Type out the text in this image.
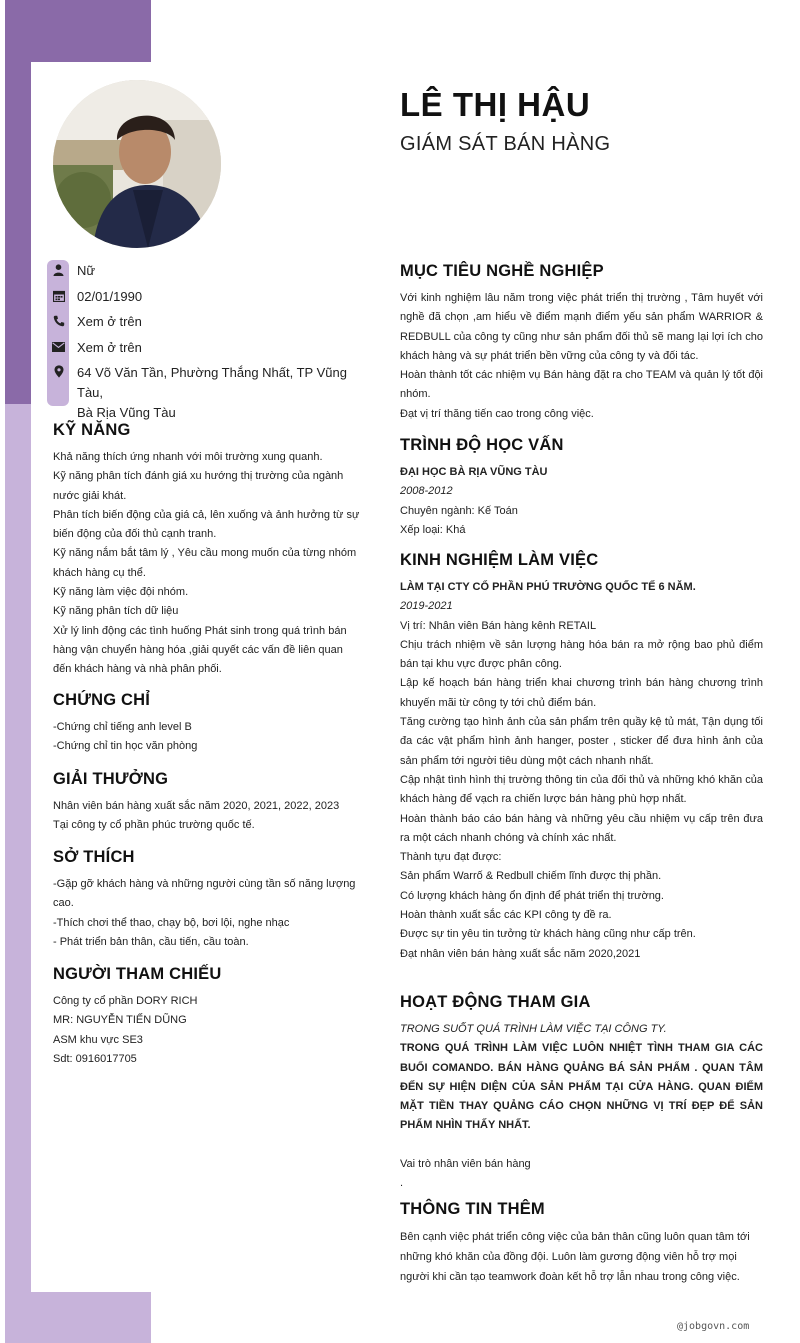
LÊ THỊ HẬU
GIÁM SÁT BÁN HÀNG
Nữ
02/01/1990
Xem ở trên
Xem ở trên
64 Võ Văn Tần, Phường Thắng Nhất, TP Vũng Tàu,
Bà Rịa Vũng Tàu
KỸ NĂNG

Khả năng thích ứng nhanh với môi trường xung quanh.

Kỹ năng phân tích đánh giá xu hướng thị trường của ngành nước giải khát.

Phân tích biến động của giá cả, lên xuống và ảnh hưởng từ sự biến động của đối thủ cạnh tranh.

Kỹ năng nắm bắt tâm lý , Yêu cầu mong muốn của từng nhóm khách hàng cụ thể.

Kỹ năng làm việc đội nhóm.

Kỹ năng phân tích dữ liệu

Xử lý linh động các tình huống Phát sinh trong quá trình bán hàng vận chuyển hàng hóa ,giải quyết các vấn đề liên quan đến khách hàng và nhà phân phối.

CHỨNG CHỈ

-Chứng chỉ tiếng anh level B

-Chứng chỉ tin học văn phòng

GIẢI THƯỞNG

Nhân viên bán hàng xuất sắc năm 2020, 2021, 2022, 2023

Tại công ty cổ phần phúc trường quốc tế.

SỞ THÍCH

-Gặp gỡ khách hàng và những người cùng tần số năng lượng cao.

-Thích chơi thể thao, chạy bộ, bơi lội, nghe nhạc

- Phát triển bản thân, cầu tiến, cầu toàn.

NGƯỜI THAM CHIẾU

Công ty cổ phần DORY RICH

MR: NGUYỄN TIẾN DŨNG

ASM khu vực SE3

Sdt: 0916017705

MỤC TIÊU NGHỀ NGHIỆP

Với kinh nghiệm lâu năm trong việc phát triển thị trường , Tâm huyết với nghề đã chọn ,am hiểu về điểm mạnh điểm yếu sản phẩm WARRIOR & REDBULL của công ty cũng như sản phẩm đối thủ sẽ mang lại lợi ích cho khách hàng và sự phát triển bền vững của công ty và đối tác.

Hoàn thành tốt các nhiệm vụ Bán hàng đặt ra cho TEAM và quản lý tốt đội nhóm.

Đạt vị trí thăng tiến cao trong công việc.

TRÌNH ĐỘ HỌC VẤN

ĐẠI HỌC BÀ RỊA VŨNG TÀU

2008-2012

Chuyên ngành: Kế Toán

Xếp loại: Khá

KINH NGHIỆM LÀM VIỆC

LÀM TẠI CTY CỔ PHẦN PHÚ TRƯỜNG QUỐC TẾ 6 NĂM.

2019-2021

Vị trí: Nhân viên Bán hàng kênh RETAIL

Chịu trách nhiệm về sản lượng hàng hóa bán ra mở rộng bao phủ điểm bán tại khu vực được phân công.

Lập kế hoạch bán hàng triển khai chương trình bán hàng chương trình khuyến mãi từ công ty tới chủ điểm bán.

Tăng cường tạo hình ảnh của sản phẩm trên quầy kệ tủ mát, Tận dụng tối đa các vật phẩm hình ảnh hanger, poster , sticker để đưa hình ảnh của sản phẩm tới người tiêu dùng một cách nhanh nhất.

Cập nhật tình hình thị trường thông tin của đối thủ và những khó khăn của khách hàng để vạch ra chiến lược bán hàng phù hợp nhất.

Hoàn thành báo cáo bán hàng và những yêu cầu nhiệm vụ cấp trên đưa ra một cách nhanh chóng và chính xác nhất.

Thành tựu đạt được:

Sản phẩm Warrố & Redbull chiếm lĩnh được thị phần.

Có lượng khách hàng ổn định để phát triển thị trường.

Hoàn thành xuất sắc các KPI công ty đề ra.

Được sự tin yêu tin tưởng từ khách hàng cũng như cấp trên.

Đạt nhân viên bán hàng xuất sắc năm 2020,2021

HOẠT ĐỘNG THAM GIA

TRONG SUỐT QUÁ TRÌNH LÀM VIỆC TẠI CÔNG TY.

TRONG QUÁ TRÌNH LÀM VIỆC LUÔN NHIỆT TÌNH THAM GIA CÁC BUỔI COMANDO. BÁN HÀNG QUẢNG BÁ SẢN PHẨM . QUAN TÂM ĐẾN SỰ HIỆN DIỆN CỦA SẢN PHẨM TẠI CỬA HÀNG. QUAN ĐIỂM MẶT TIỀN THAY QUẢNG CÁO CHỌN NHỮNG VỊ TRÍ ĐẸP ĐỂ SẢN PHẨM NHÌN THẤY NHẤT.

Vai trò nhân viên bán hàng

.

THÔNG TIN THÊM

Bên cạnh việc phát triển công việc của bản thân cũng luôn quan tâm tới những khó khăn của đồng đội. Luôn làm gương động viên hỗ trợ mọi người khi cần tạo teamwork đoàn kết hỗ trợ lẫn nhau trong công việc.

@jobgovn.com
